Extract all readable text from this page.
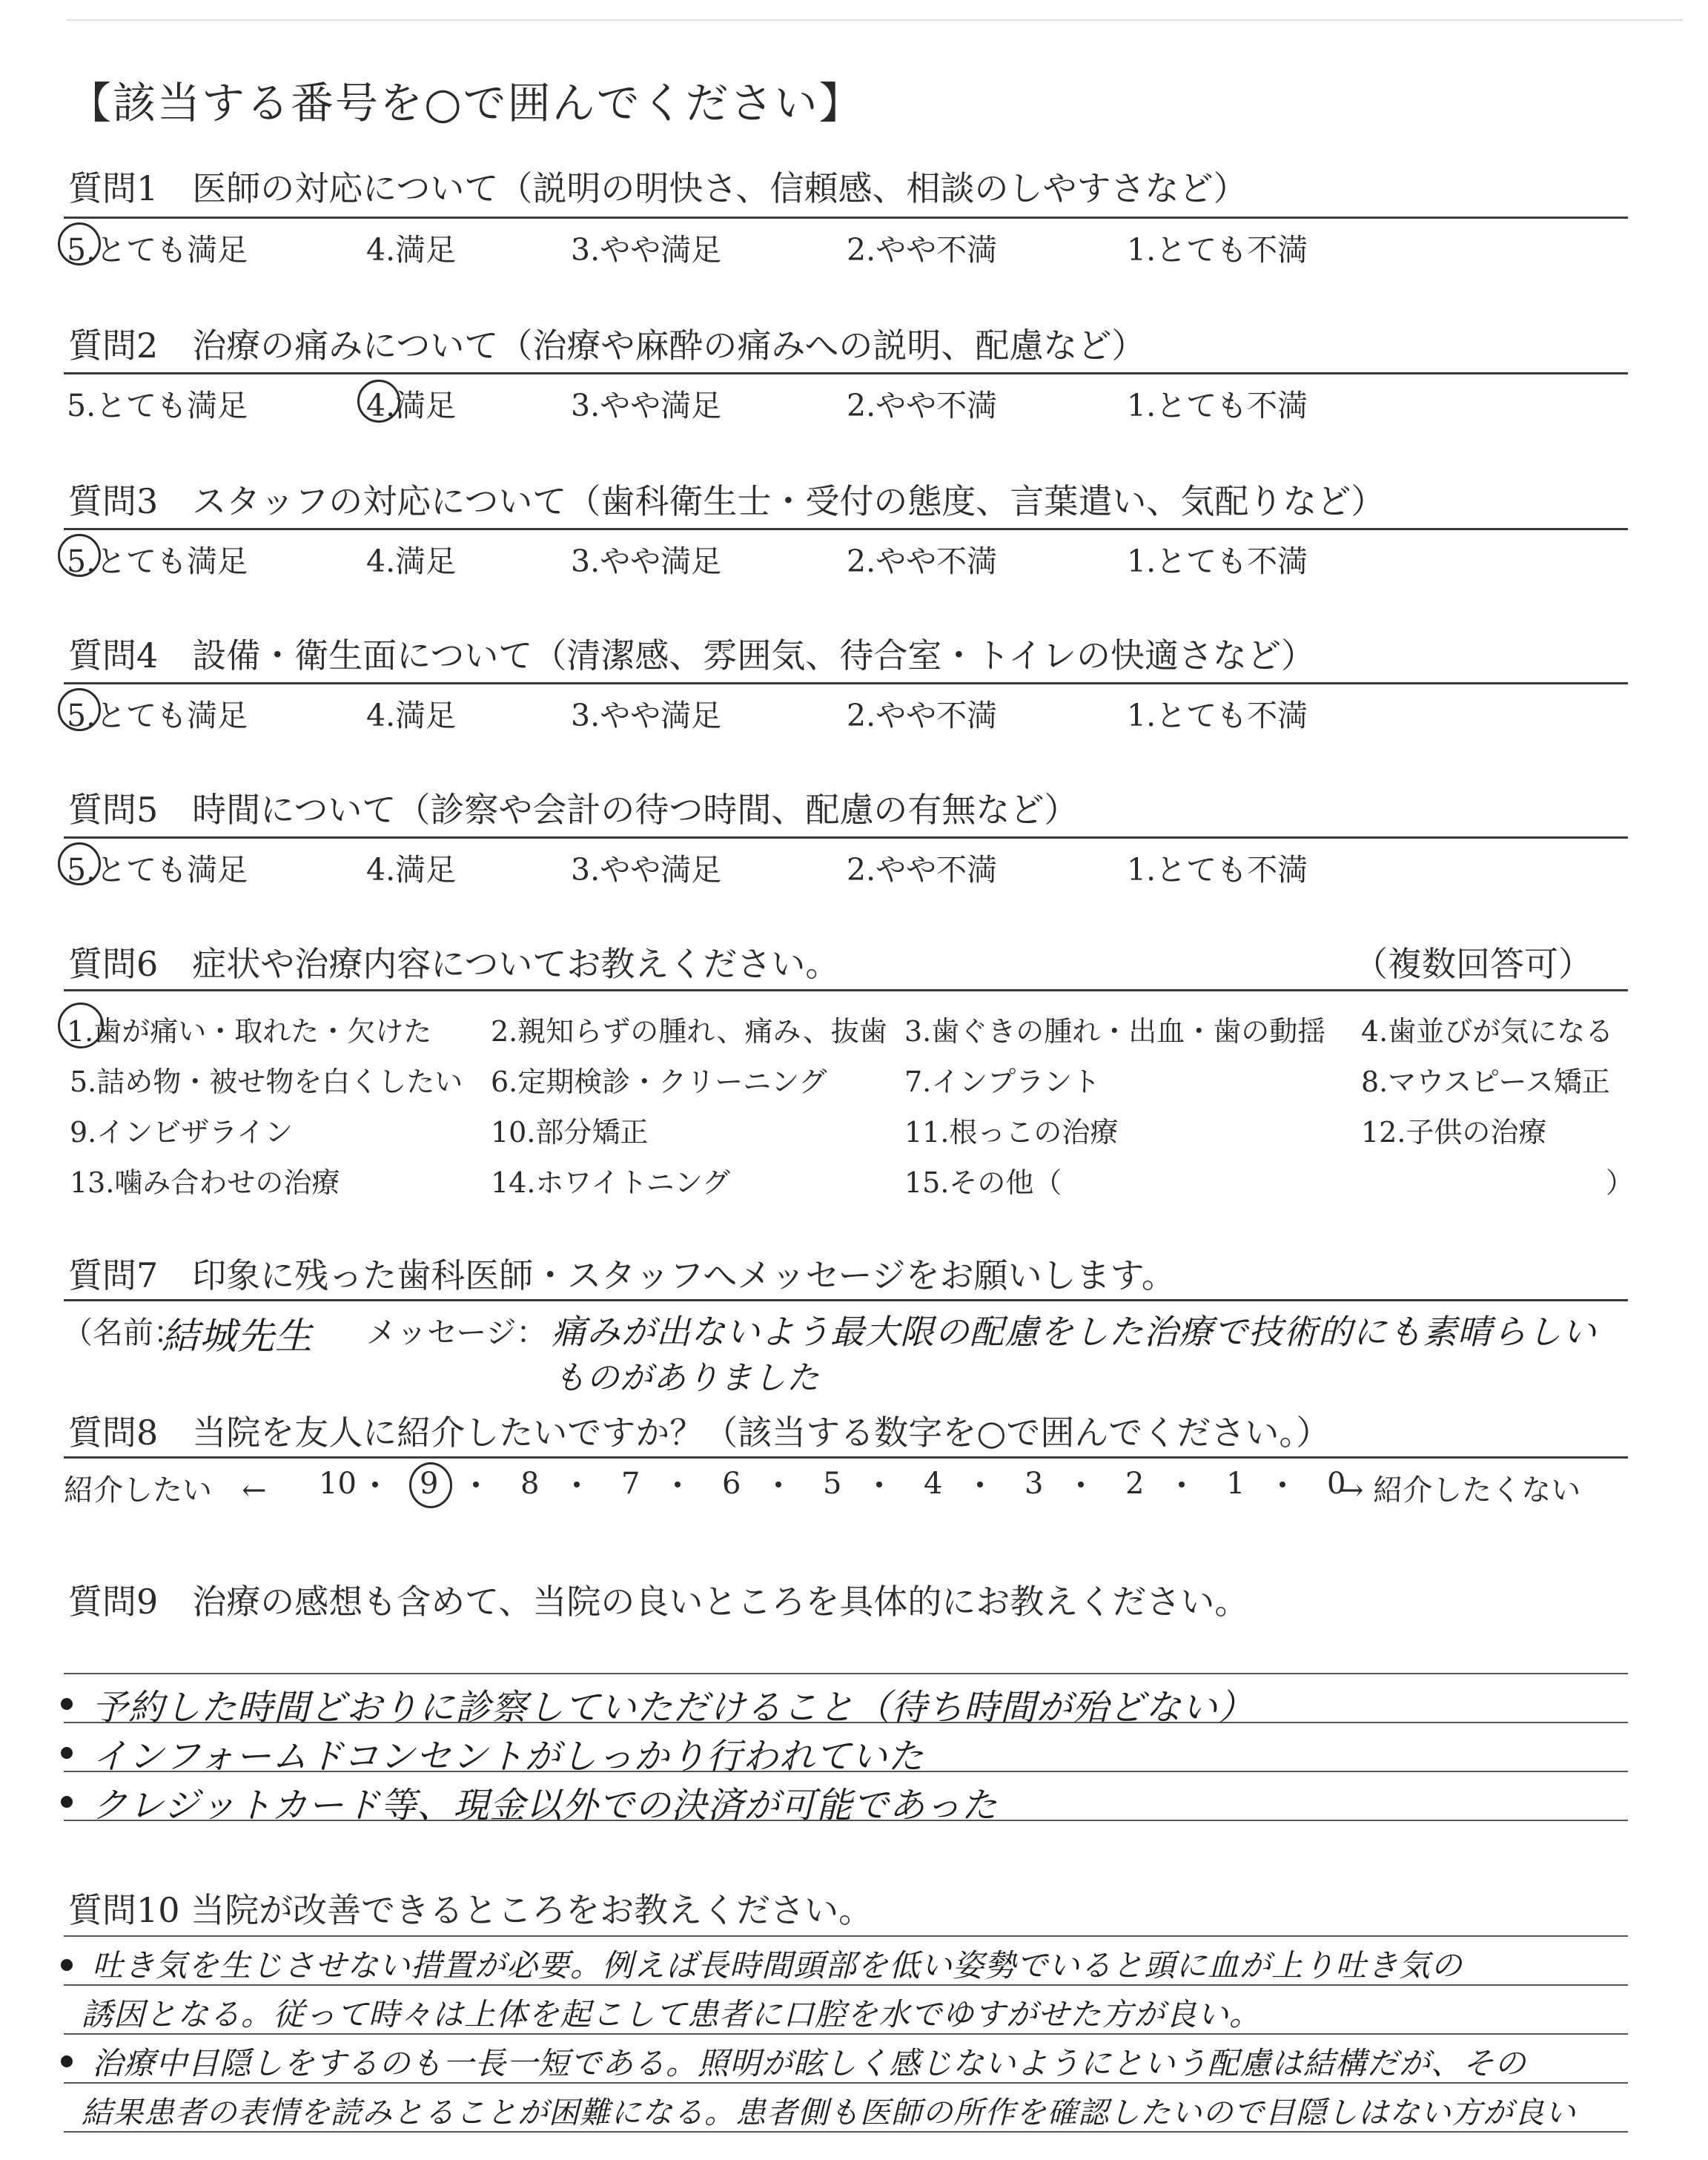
【該当する番号を○で囲んでください】
質問1　医師の対応について（説明の明快さ、信頼感、相談のしやすさなど）
5.とても満足	4.満足	3.やや満足	2.やや不満	1.とても不満
質問2　治療の痛みについて（治療や麻酔の痛みへの説明、配慮など）
5.とても満足	4.満足	3.やや満足	2.やや不満	1.とても不満
質問3　スタッフの対応について（歯科衛生士・受付の態度、言葉遣い、気配りなど）
5.とても満足	4.満足	3.やや満足	2.やや不満	1.とても不満
質問4　設備・衛生面について（清潔感、雰囲気、待合室・トイレの快適さなど）
5.とても満足	4.満足	3.やや満足	2.やや不満	1.とても不満
質問5　時間について（診察や会計の待つ時間、配慮の有無など）
5.とても満足	4.満足	3.やや満足	2.やや不満	1.とても不満
質問6　症状や治療内容についてお教えください。	（複数回答可）
1.歯が痛い・取れた・欠けた 2.親知らずの腫れ、痛み、抜歯 3.歯ぐきの腫れ・出血・歯の動揺 4.歯並びが気になる
5.詰め物・被せ物を白くしたい 6.定期検診・クリーニング	7.インプラント	8.マウスピース矯正
9.インビザライン	10.部分矯正	11.根っこの治療	12.子供の治療
13.噛み合わせの治療	14.ホワイトニング	15.その他（	）
質問7　印象に残った歯科医師・スタッフへメッセージをお願いします。
（名前：
結城先生 メッセージ： 痛みが出ないよう最大限の配慮をした治療で技術的にも素晴らしい
ものがありました
質問8　当院を友人に紹介したいですか？（該当する数字を○で囲んでください。）
紹介したい　←	→ 紹介したくない
10 9	8	7	6	5	4	3	2	1	0
質問9　治療の感想も含めて、当院の良いところを具体的にお教えください。
予約した時間どおりに診察していただけること（待ち時間が殆どない）
インフォームドコンセントがしっかり行われていた
クレジットカード等、現金以外での決済が可能であった
質問10 当院が改善できるところをお教えください。
吐き気を生じさせない措置が必要。例えば長時間頭部を低い姿勢でいると頭に血が上り吐き気の
誘因となる。従って時々は上体を起こして患者に口腔を水でゆすがせた方が良い。
治療中目隠しをするのも一長一短である。照明が眩しく感じないようにという配慮は結構だが、その
結果患者の表情を読みとることが困難になる。患者側も医師の所作を確認したいので目隠しはない方が良い
